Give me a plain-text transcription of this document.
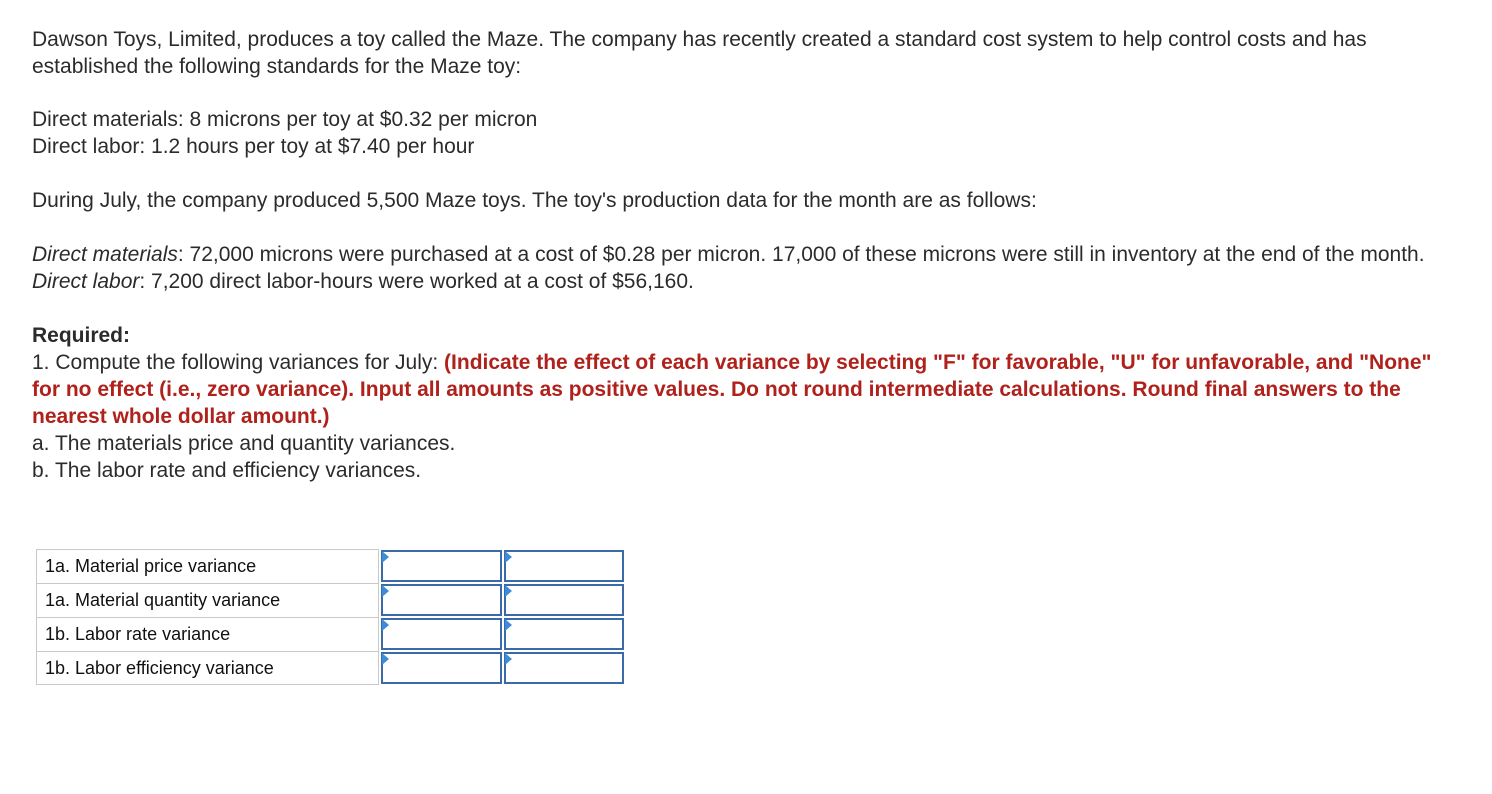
Dawson Toys, Limited, produces a toy called the Maze. The company has recently created a standard cost system to help control costs and has established the following standards for the Maze toy:

Direct materials: 8 microns per toy at $0.32 per micron

Direct labor: 1.2 hours per toy at $7.40 per hour

During July, the company produced 5,500 Maze toys. The toy's production data for the month are as follows:

Direct materials: 72,000 microns were purchased at a cost of $0.28 per micron. 17,000 of these microns were still in inventory at the end of the month.

Direct labor: 7,200 direct labor-hours were worked at a cost of $56,160.

Required:

1. Compute the following variances for July: (Indicate the effect of each variance by selecting "F" for favorable, "U" for unfavorable, and "None" for no effect (i.e., zero variance). Input all amounts as positive values. Do not round intermediate calculations. Round final answers to the nearest whole dollar amount.)

a. The materials price and quantity variances.

b. The labor rate and efficiency variances.

1a. Material price variance	

1a. Material quantity variance	

1b. Labor rate variance	

1b. Labor efficiency variance	
